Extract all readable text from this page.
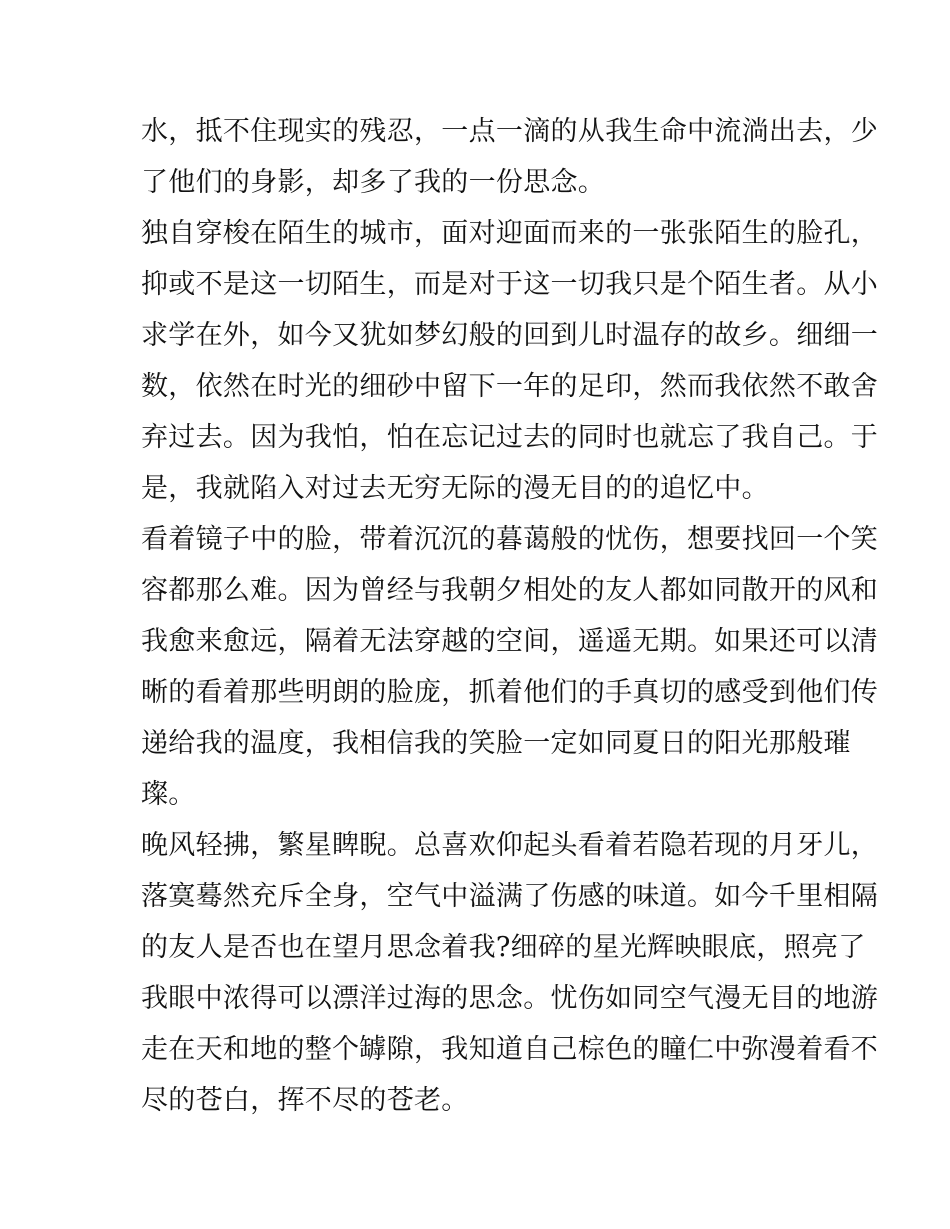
水，抵不住现实的残忍，一点一滴的从我生命中流淌出去，少
了他们的身影，却多了我的一份思念。
独自穿梭在陌生的城市，面对迎面而来的一张张陌生的脸孔，
抑或不是这一切陌生，而是对于这一切我只是个陌生者。从小
求学在外，如今又犹如梦幻般的回到儿时温存的故乡。细细一
数，依然在时光的细砂中留下一年的足印，然而我依然不敢舍
弃过去。因为我怕，怕在忘记过去的同时也就忘了我自己。于
是，我就陷入对过去无穷无际的漫无目的的追忆中。
看着镜子中的脸，带着沉沉的暮蔼般的忧伤，想要找回一个笑
容都那么难。因为曾经与我朝夕相处的友人都如同散开的风和
我愈来愈远，隔着无法穿越的空间，遥遥无期。如果还可以清
晰的看着那些明朗的脸庞，抓着他们的手真切的感受到他们传
递给我的温度，我相信我的笑脸一定如同夏日的阳光那般璀
璨。
晚风轻拂，繁星睥睨。总喜欢仰起头看着若隐若现的月牙儿，
落寞蓦然充斥全身，空气中溢满了伤感的味道。如今千里相隔
的友人是否也在望月思念着我?细碎的星光辉映眼底，照亮了
我眼中浓得可以漂洋过海的思念。忧伤如同空气漫无目的地游
走在天和地的整个罅隙，我知道自己棕色的瞳仁中弥漫着看不
尽的苍白，挥不尽的苍老。
